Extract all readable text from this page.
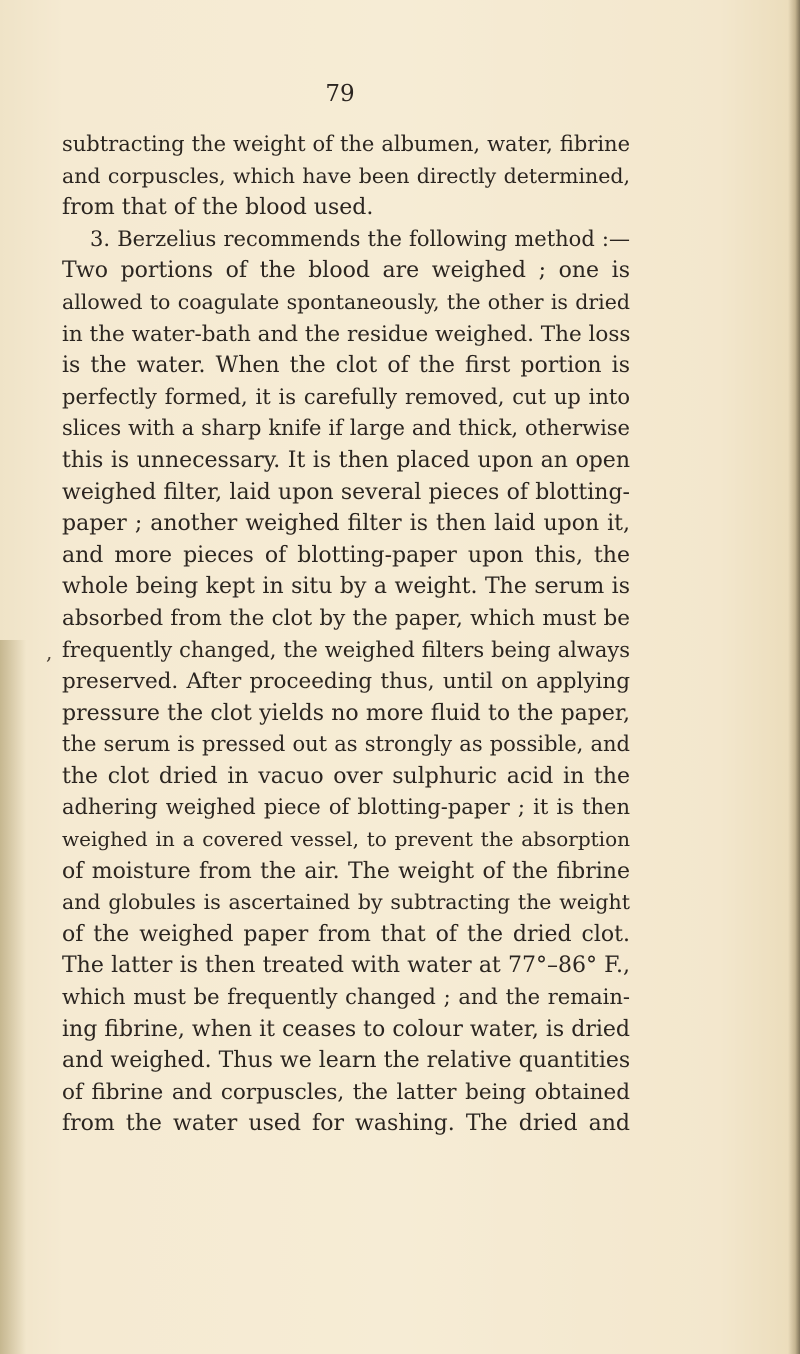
79
,
subtracting the weight of the albumen, water, fibrine
and corpuscles, which have been directly determined,
from that of the blood used.
3. Berzelius recommends the following method :—
Two portions of the blood are weighed ; one is
allowed to coagulate spontaneously, the other is dried
in the water-bath and the residue weighed. The loss
is the water. When the clot of the first portion is
perfectly formed, it is carefully removed, cut up into
slices with a sharp knife if large and thick, otherwise
this is unnecessary. It is then placed upon an open
weighed filter, laid upon several pieces of blotting-
paper ; another weighed filter is then laid upon it,
and more pieces of blotting-paper upon this, the
whole being kept in situ by a weight. The serum is
absorbed from the clot by the paper, which must be
frequently changed, the weighed filters being always
preserved. After proceeding thus, until on applying
pressure the clot yields no more fluid to the paper,
the serum is pressed out as strongly as possible, and
the clot dried in vacuo over sulphuric acid in the
adhering weighed piece of blotting-paper ; it is then
weighed in a covered vessel, to prevent the absorption
of moisture from the air. The weight of the fibrine
and globules is ascertained by subtracting the weight
of the weighed paper from that of the dried clot.
The latter is then treated with water at 77°–86° F.,
which must be frequently changed ; and the remain-
ing fibrine, when it ceases to colour water, is dried
and weighed. Thus we learn the relative quantities
of fibrine and corpuscles, the latter being obtained
from the water used for washing. The dried and
